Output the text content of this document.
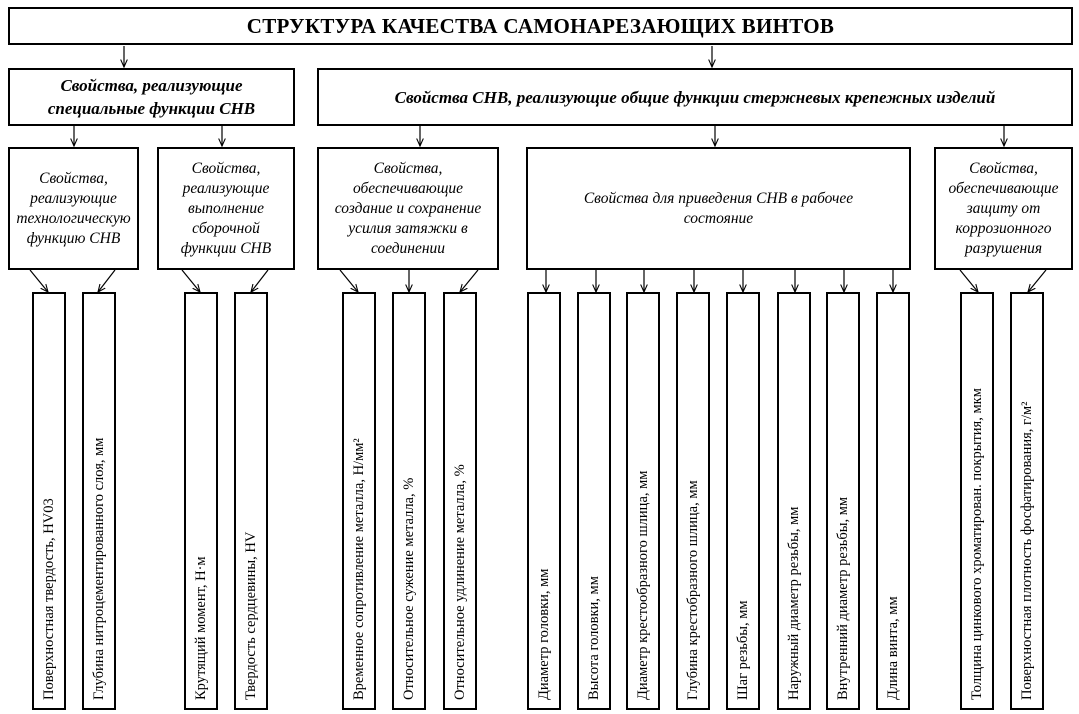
СТРУКТУРА КАЧЕСТВА САМОНАРЕЗАЮЩИХ ВИНТОВ
Свойства, реализующие специальные функции СНВ
Свойства СНВ, реализующие общие функции стержневых крепежных изделий
Свойства, реализующие технологическую функцию СНВ
Свойства, реализующие выполнение сборочной функции СНВ
Свойства, обеспечивающие создание и сохранение усилия затяжки в соединении
Свойства для приведения СНВ в рабочее состояние
Свойства, обеспечивающие защиту от коррозионного разрушения
Поверхностная твердость, HV03 Глубина нитроцементированного слоя, мм	Крутящий момент, Н·м Твердость сердцевины, HV	Временное сопротивление металла, Н/мм² Относительное сужение металла, % Относительное удлинение металла, %	Диаметр головки, мм Высота головки, мм Диаметр крестообразного шлица, мм Глубина крестобразного шлица, мм Шаг резьбы, мм Наружный диаметр резьбы, мм Внутренний диаметр резьбы, мм Длина винта, мм	Толщина цинкового хроматирован. покрытия, мкм Поверхностная плотность фосфатирования, г/м²
